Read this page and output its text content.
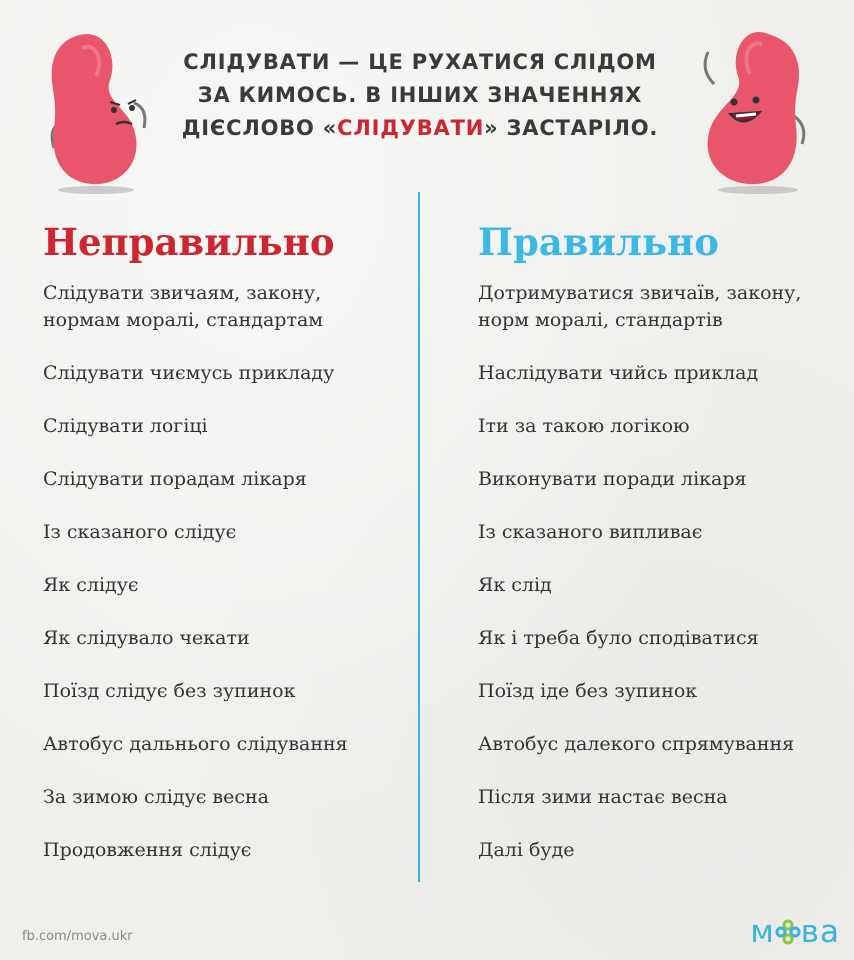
СЛІДУВАТИ — ЦЕ РУХАТИСЯ СЛІДОМ
ЗА КИМОСЬ. В ІНШИХ ЗНАЧЕННЯХ
ДІЄСЛОВО «СЛІДУВАТИ» ЗАСТАРІЛО.
Неправильно
Слідувати звичаям, закону, нормам моралі, стандартам
Слідувати чиємусь прикладу
Слідувати логіці
Слідувати порадам лікаря
Із сказаного слідує
Як слідує
Як слідувало чекати
Поїзд слідує без зупинок
Автобус дальнього слідування
За зимою слідує весна
Продовження слідує
Правильно
Дотримуватися звичаїв, закону, норм моралі, стандартів
Наслідувати чийсь приклад
Іти за такою логікою
Виконувати поради лікаря
Із сказаного випливає
Як слід
Як і треба було сподіватися
Поїзд іде без зупинок
Автобус далекого спрямування
Після зими настає весна
Далі буде
fb.com/mova.ukr	м ва
